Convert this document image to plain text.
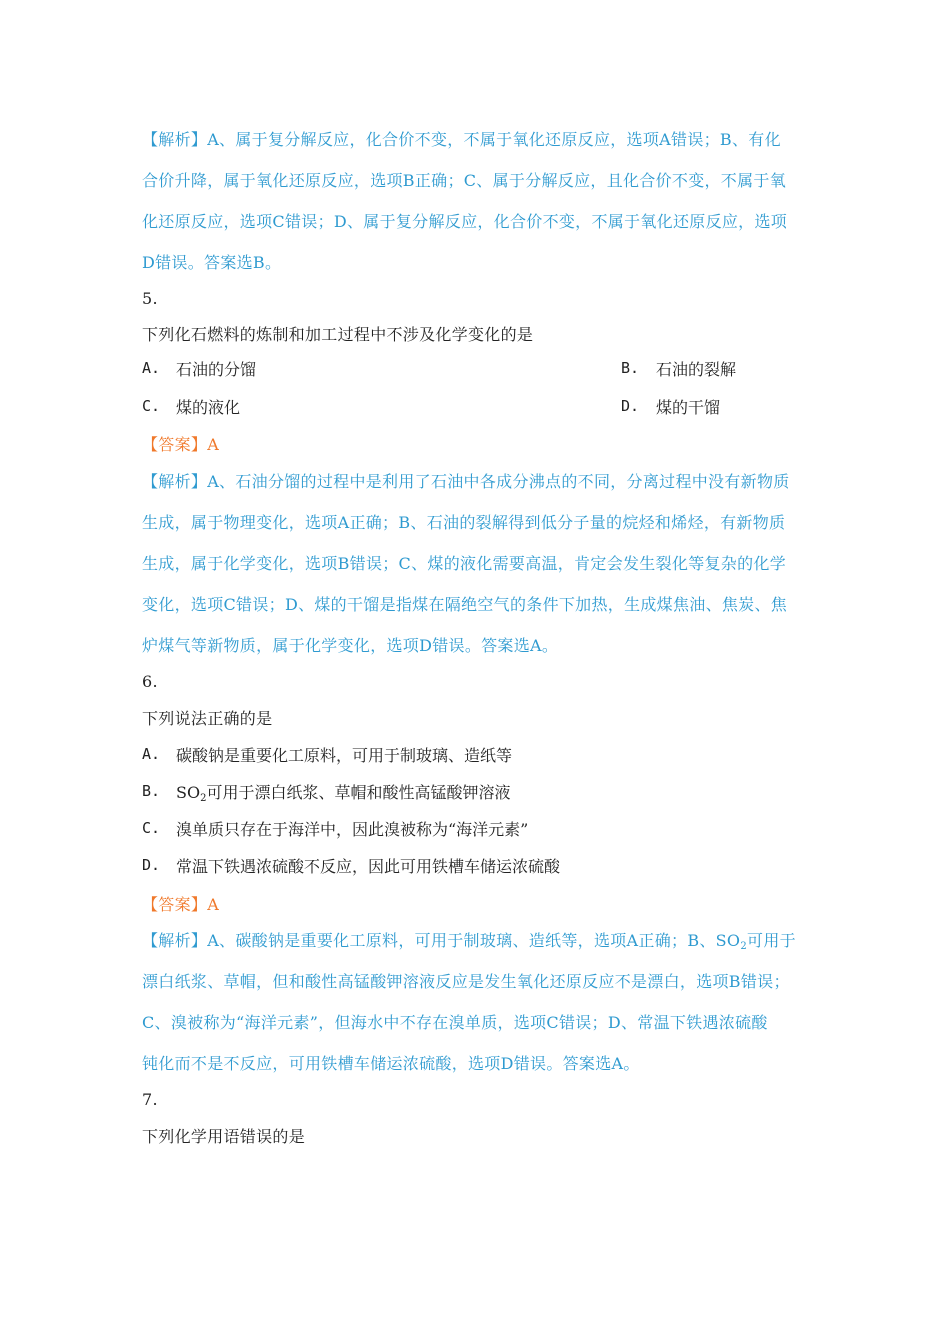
【解析】A、属于复分解反应，化合价不变，不属于氧化还原反应，选项A错误；B、有化
合价升降，属于氧化还原反应，选项B正确；C、属于分解反应，且化合价不变，不属于氧
化还原反应，选项C错误；D、属于复分解反应，化合价不变，不属于氧化还原反应，选项
D错误。答案选B。
5.
下列化石燃料的炼制和加工过程中不涉及化学变化的是
A. 石油的分馏	B. 石油的裂解
C. 煤的液化	D. 煤的干馏
【答案】A
【解析】A、石油分馏的过程中是利用了石油中各成分沸点的不同，分离过程中没有新物质
生成，属于物理变化，选项A正确；B、石油的裂解得到低分子量的烷烃和烯烃，有新物质
生成，属于化学变化，选项B错误；C、煤的液化需要高温，肯定会发生裂化等复杂的化学
变化，选项C错误；D、煤的干馏是指煤在隔绝空气的条件下加热，生成煤焦油、焦炭、焦
炉煤气等新物质，属于化学变化，选项D错误。答案选A。
6.
下列说法正确的是
A. 碳酸钠是重要化工原料，可用于制玻璃、造纸等
B. $SO_2$可用于漂白纸浆、草帽和酸性高锰酸钾溶液
C. 溴单质只存在于海洋中，因此溴被称为“海洋元素”
D. 常温下铁遇浓硫酸不反应，因此可用铁槽车储运浓硫酸
【答案】A
【解析】A、碳酸钠是重要化工原料，可用于制玻璃、造纸等，选项A正确；B、$SO_2$可用于
漂白纸浆、草帽，但和酸性高锰酸钾溶液反应是发生氧化还原反应不是漂白，选项B错误；
C、溴被称为“海洋元素”，但海水中不存在溴单质，选项C错误；D、常温下铁遇浓硫酸
钝化而不是不反应，可用铁槽车储运浓硫酸，选项D错误。答案选A。
7.
下列化学用语错误的是
